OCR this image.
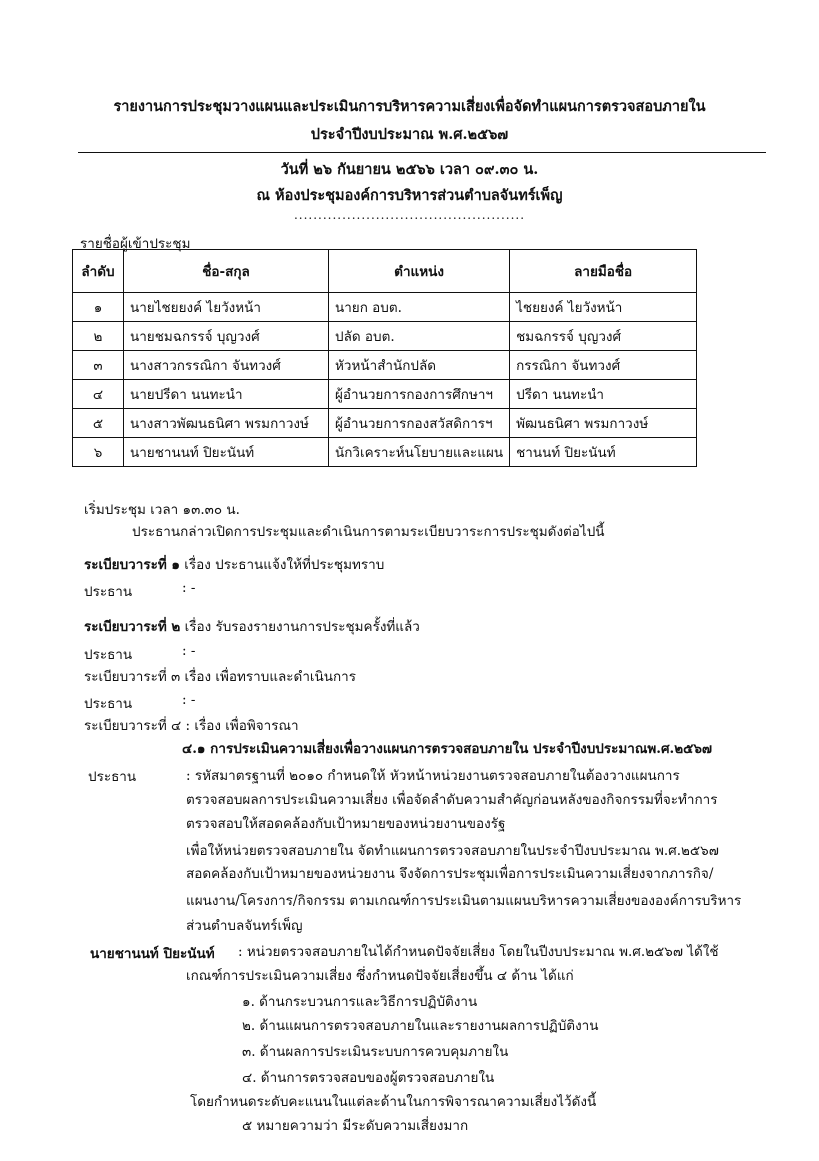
รายงานการประชุมวางแผนและประเมินการบริหารความเสี่ยงเพื่อจัดทำแผนการตรวจสอบภายใน
ประจำปีงบประมาณ พ.ศ.๒๕๖๗
วันที่ ๒๖ กันยายน ๒๕๖๖ เวลา ๐๙.๓๐ น.
ณ ห้องประชุมองค์การบริหารส่วนตำบลจันทร์เพ็ญ
................................................
รายชื่อผู้เข้าประชุม
ลำดับ	ชื่อ-สกุล	ตำแหน่ง	ลายมือชื่อ
๑	นายไชยยงค์ ไยวังหน้า	นายก อบต.	ไชยยงค์ ไยวังหน้า
๒	นายชมฉกรรจ์ บุญวงศ์	ปลัด อบต.	ชมฉกรรจ์ บุญวงศ์
๓	นางสาวกรรณิกา จันทวงศ์	หัวหน้าสำนักปลัด	กรรณิกา จันทวงศ์
๔	นายปรีดา นนทะนำ	ผู้อำนวยการกองการศึกษาฯ	ปรีดา นนทะนำ
๕	นางสาวพัฒนธนิศา พรมกาวงษ์	ผู้อำนวยการกองสวัสดิการฯ	พัฒนธนิศา พรมกาวงษ์
๖	นายชานนท์ ปิยะนันท์	นักวิเคราะห์นโยบายและแผน	ชานนท์ ปิยะนันท์
เริ่มประชุม เวลา ๑๓.๓๐ น.
ประธานกล่าวเปิดการประชุมและดำเนินการตามระเบียบวาระการประชุมดังต่อไปนี้
ระเบียบวาระที่ ๑ เรื่อง ประธานแจ้งให้ที่ประชุมทราบ
ประธาน	: -
ระเบียบวาระที่ ๒ เรื่อง รับรองรายงานการประชุมครั้งที่แล้ว
ประธาน	: -
ระเบียบวาระที่ ๓ เรื่อง เพื่อทราบและดำเนินการ
ประธาน	: -
ระเบียบวาระที่ ๔ : เรื่อง เพื่อพิจารณา
๔.๑ การประเมินความเสี่ยงเพื่อวางแผนการตรวจสอบภายใน ประจำปีงบประมาณพ.ศ.๒๕๖๗
ประธาน	: รหัสมาตรฐานที่ ๒๐๑๐ กำหนดให้ หัวหน้าหน่วยงานตรวจสอบภายในต้องวางแผนการ
ตรวจสอบผลการประเมินความเสี่ยง เพื่อจัดลำดับความสำคัญก่อนหลังของกิจกรรมที่จะทำการ
ตรวจสอบให้สอดคล้องกับเป้าหมายของหน่วยงานของรัฐ
เพื่อให้หน่วยตรวจสอบภายใน จัดทำแผนการตรวจสอบภายในประจำปีงบประมาณ พ.ศ.๒๕๖๗
สอดคล้องกับเป้าหมายของหน่วยงาน จึงจัดการประชุมเพื่อการประเมินความเสี่ยงจากภารกิจ/
แผนงาน/โครงการ/กิจกรรม ตามเกณฑ์การประเมินตามแผนบริหารความเสี่ยงขององค์การบริหาร
ส่วนตำบลจันทร์เพ็ญ
นายชานนท์ ปิยะนันท์ : หน่วยตรวจสอบภายในได้กำหนดปัจจัยเสี่ยง โดยในปีงบประมาณ พ.ศ.๒๕๖๗ ได้ใช้
เกณฑ์การประเมินความเสี่ยง ซึ่งกำหนดปัจจัยเสี่ยงขึ้น ๔ ด้าน ได้แก่
๑. ด้านกระบวนการและวิธีการปฏิบัติงาน
๒. ด้านแผนการตรวจสอบภายในและรายงานผลการปฏิบัติงาน
๓. ด้านผลการประเมินระบบการควบคุมภายใน
๔. ด้านการตรวจสอบของผู้ตรวจสอบภายใน
โดยกำหนดระดับคะแนนในแต่ละด้านในการพิจารณาความเสี่ยงไว้ดังนี้
๕ หมายความว่า มีระดับความเสี่ยงมาก
